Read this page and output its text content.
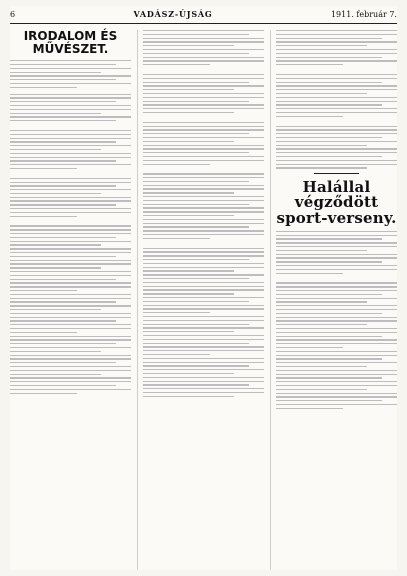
6	VADÁSZ-ÚJSÁG	1911. február 7.
IRODALOM ÉS MŰVÉSZET.
Halállal végződött sport-verseny.
